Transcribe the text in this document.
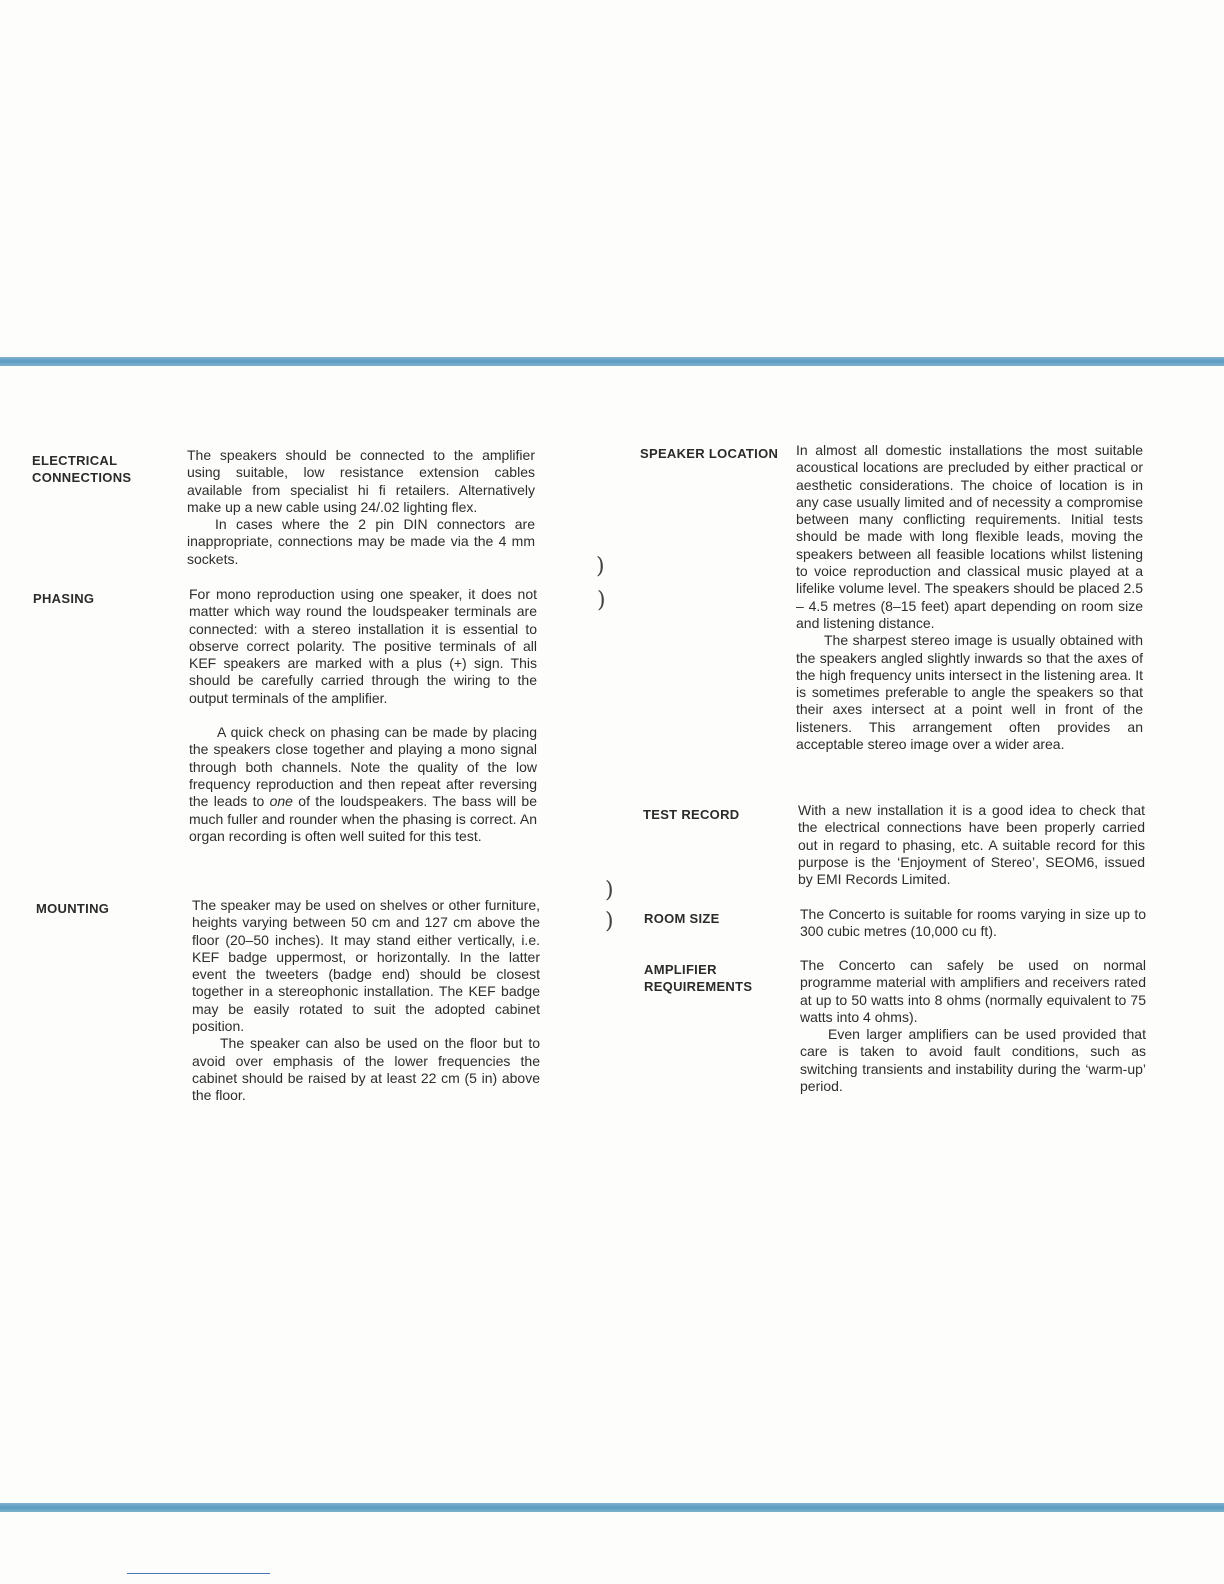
ELECTRICAL
CONNECTIONS

The speakers should be connected to the amplifier using suitable, low resistance extension cables available from specialist hi fi retailers. Alternatively make up a new cable using 24/.02 lighting flex.

In cases where the 2 pin DIN connectors are inappropriate, connections may be made via the 4 mm sockets.

PHASING	For mono reproduction using one speaker, it does not matter which way round the loudspeaker terminals are connected: with a stereo installation it is essential to observe correct polarity. The positive terminals of all KEF speakers are marked with a plus (+) sign. This should be carefully carried through the wiring to the output terminals of the amplifier.

A quick check on phasing can be made by placing the speakers close together and playing a mono signal through both channels. Note the quality of the low frequency reproduction and then repeat after reversing the leads to one of the loudspeakers. The bass will be much fuller and rounder when the phasing is correct. An organ recording is often well suited for this test.

MOUNTING	The speaker may be used on shelves or other furniture, heights varying between 50 cm and 127 cm above the floor (20–50 inches). It may stand either vertically, i.e. KEF badge uppermost, or horizontally. In the latter event the tweeters (badge end) should be closest together in a stereophonic installation. The KEF badge may be easily rotated to suit the adopted cabinet position.

The speaker can also be used on the floor but to avoid over emphasis of the lower frequencies the cabinet should be raised by at least 22 cm (5 in) above the floor.

)
)
)
)
SPEAKER LOCATION In almost all domestic installations the most suitable acoustical locations are precluded by either practical or aesthetic considerations. The choice of location is in any case usually limited and of necessity a compromise between many conflicting requirements. Initial tests should be made with long flexible leads, moving the speakers between all feasible locations whilst listening to voice reproduction and classical music played at a lifelike volume level. The speakers should be placed 2.5 – 4.5 metres (8–15 feet) apart depending on room size and listening distance.

The sharpest stereo image is usually obtained with the speakers angled slightly inwards so that the axes of the high frequency units intersect in the listening area. It is sometimes preferable to angle the speakers so that their axes intersect at a point well in front of the listeners. This arrangement often provides an acceptable stereo image over a wider area.

TEST RECORD	With a new installation it is a good idea to check that the electrical connections have been properly carried out in regard to phasing, etc. A suitable record for this purpose is the ‘Enjoyment of Stereo’, SEOM6, issued by EMI Records Limited.

ROOM SIZE	The Concerto is suitable for rooms varying in size up to 300 cubic metres (10,000 cu ft).

AMPLIFIER
REQUIREMENTS

The Concerto can safely be used on normal programme material with amplifiers and receivers rated at up to 50 watts into 8 ohms (normally equivalent to 75 watts into 4 ohms).

Even larger amplifiers can be used provided that care is taken to avoid fault conditions, such as switching transients and instability during the ‘warm-up’ period.
